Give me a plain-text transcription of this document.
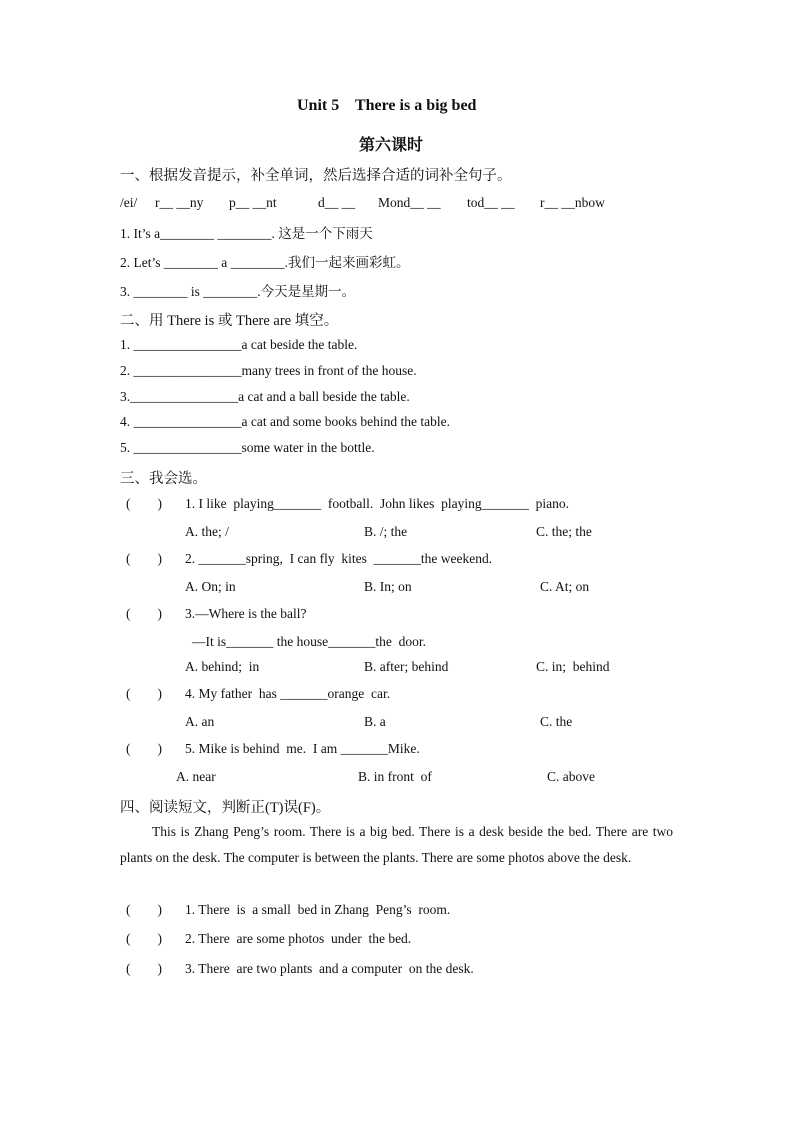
Unit 5    There is a big bed
第六课时
一、根据发音提示，补全单词，然后选择合适的词补全句子。
/ei/ r__ __ny p__ __nt	d__ __ Mond__ __ tod__ __ r__ __nbow
1. It’s a________ ________. 这是一个下雨天
2. Let’s ________ a ________.我们一起来画彩虹。
3. ________ is ________.今天是星期一。
二、用 There is 或 There are 填空。
1. ________________a cat beside the table.
2. ________________many trees in front of the house.
3.________________a cat and a ball beside the table.
4. ________________a cat and some books behind the table.
5. ________________some water in the bottle.
三、我会选。
(        ) 1. I like  playing_______  football.  John likes  playing_______  piano.
A. the; /	B. /; the	C. the; the
(        ) 2. _______spring,  I can fly  kites  _______the weekend.
A. On; in	B. In; on	C. At; on
(        ) 3.—Where is the ball?
—It is_______ the house_______the  door.
A. behind;  in	B. after; behind	C. in;  behind
(        ) 4. My father  has _______orange  car.
A. an	B. a	C. the
(        ) 5. Mike is behind  me.  I am _______Mike.
A. near	B. in front  of	C. above
四、阅读短文，判断正(T)误(F)。
This is Zhang Peng’s room. There is a big bed. There is a desk beside the bed. There are two plants on the desk. The computer is between the plants. There are some photos above the desk.
(        ) 1. There  is  a small  bed in Zhang  Peng’s  room.
(        ) 2. There  are some photos  under  the bed.
(        ) 3. There  are two plants  and a computer  on the desk.
